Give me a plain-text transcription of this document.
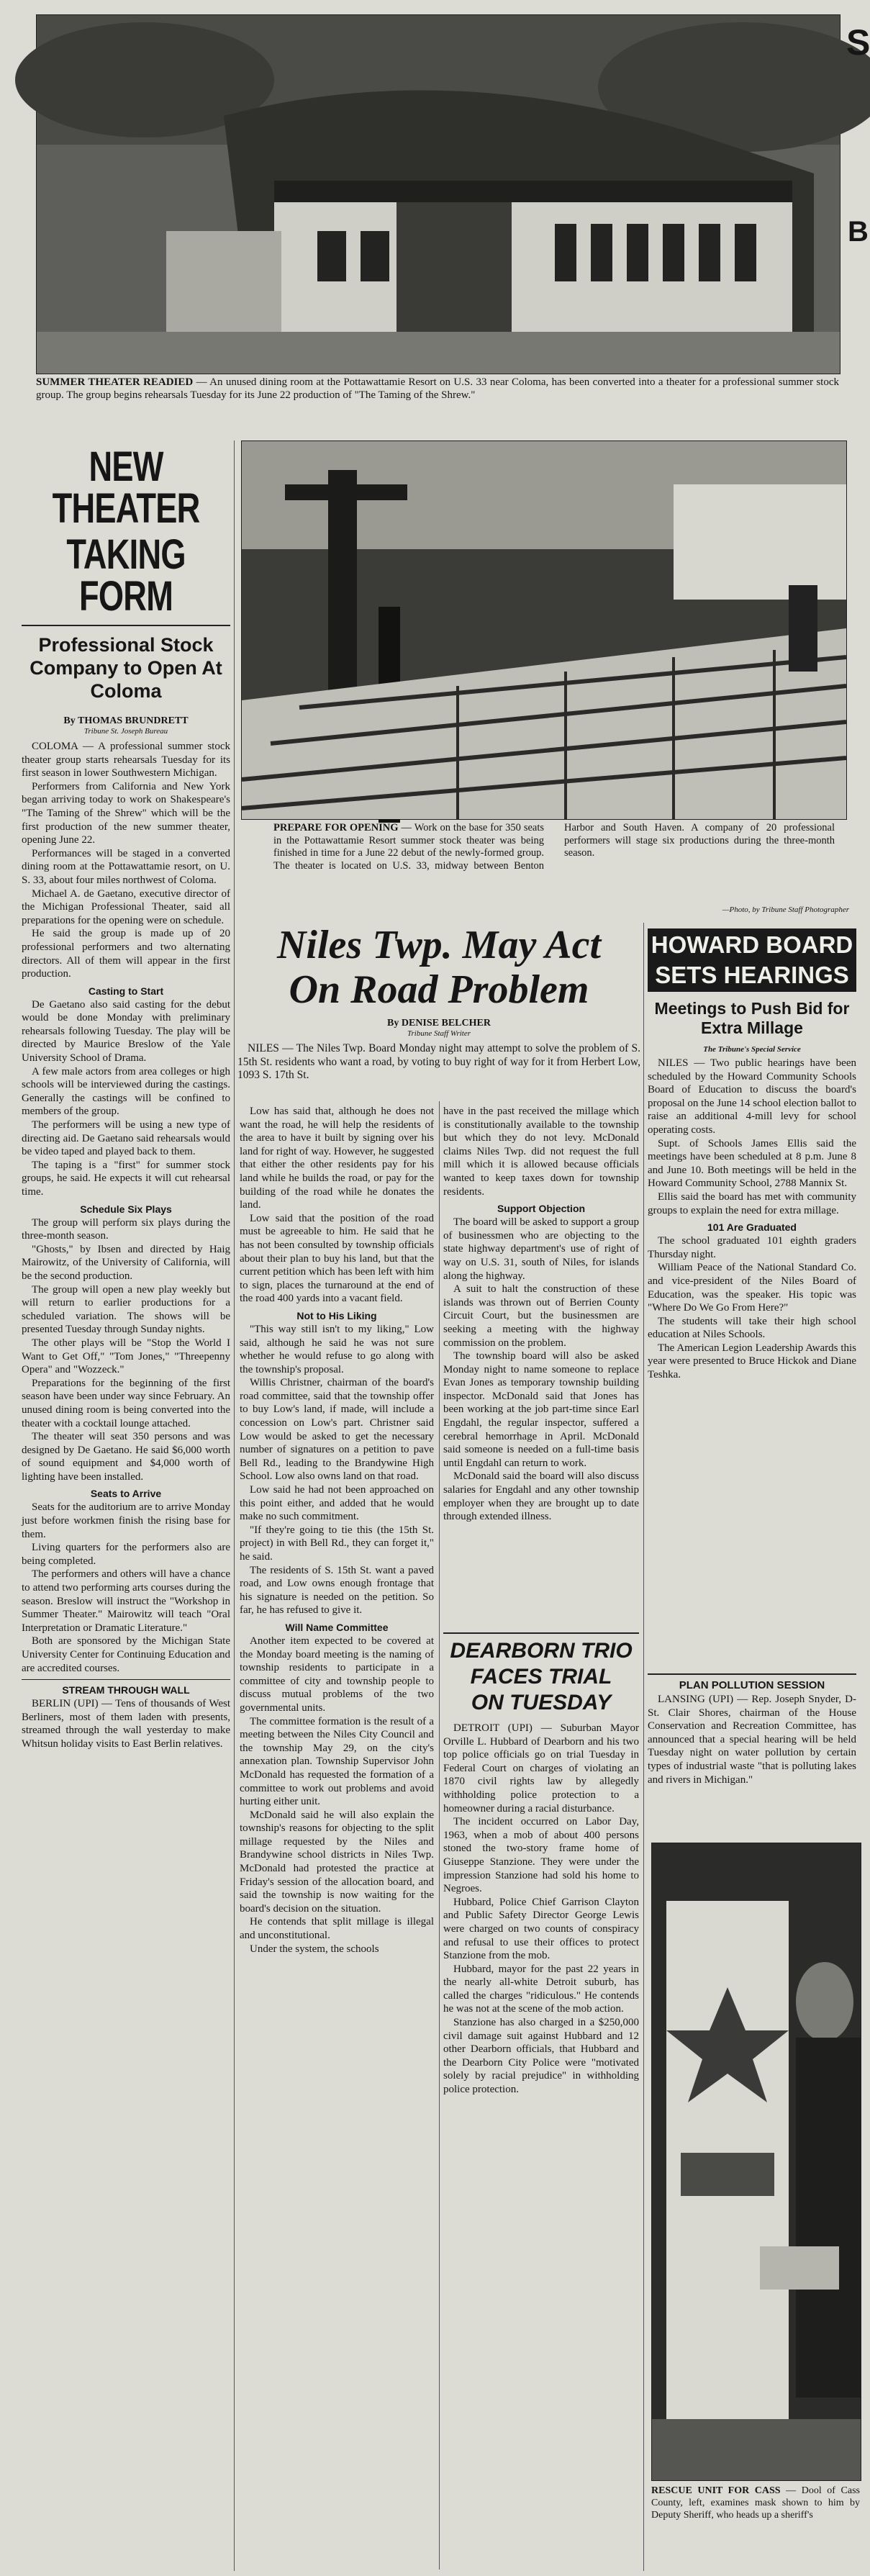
SUMMER THEATER READIED — An unused dining room at the Pottawattamie Resort on U.S. 33 near Coloma, has been converted into a theater for a professional summer stock group. The group begins rehearsals Tuesday for its June 22 production of "The Taming of the Shrew."
S
B
NEW THEATER
TAKING FORM
Professional Stock Company to Open At Coloma
By THOMAS BRUNDRETT
Tribune St. Joseph Bureau

COLOMA — A professional summer stock theater group starts rehearsals Tuesday for its first season in lower Southwestern Michigan.

Performers from California and New York began arriving today to work on Shakespeare's "The Taming of the Shrew" which will be the first production of the new summer theater, opening June 22.

Performances will be staged in a converted dining room at the Pottawattamie resort, on U. S. 33, about four miles northwest of Coloma.

Michael A. de Gaetano, executive director of the Michigan Professional Theater, said all preparations for the opening were on schedule.

He said the group is made up of 20 professional performers and two alternating directors. All of them will appear in the first production.

Casting to Start

De Gaetano also said casting for the debut would be done Monday with preliminary rehearsals following Tuesday. The play will be directed by Maurice Breslow of the Yale University School of Drama.

A few male actors from area colleges or high schools will be interviewed during the castings. Generally the castings will be confined to members of the group.

The performers will be using a new type of directing aid. De Gaetano said rehearsals would be video taped and played back to them.

The taping is a "first" for summer stock groups, he said. He expects it will cut rehearsal time.

Schedule Six Plays

The group will perform six plays during the three-month season.

"Ghosts," by Ibsen and directed by Haig Mairowitz, of the University of California, will be the second production.

The group will open a new play weekly but will return to earlier productions for a scheduled variation. The shows will be presented Tuesday through Sunday nights.

The other plays will be "Stop the World I Want to Get Off," "Tom Jones," "Threepenny Opera" and "Wozzeck."

Preparations for the beginning of the first season have been under way since February. An unused dining room is being converted into the theater with a cocktail lounge attached.

The theater will seat 350 persons and was designed by De Gaetano. He said $6,000 worth of sound equipment and $4,000 worth of lighting have been installed.

Seats to Arrive

Seats for the auditorium are to arrive Monday just before workmen finish the rising base for them.

Living quarters for the performers also are being completed.

The performers and others will have a chance to attend two performing arts courses during the season. Breslow will instruct the "Workshop in Summer Theater." Mairowitz will teach "Oral Interpretation or Dramatic Literature."

Both are sponsored by the Michigan State University Center for Continuing Education and are accredited courses.

STREAM THROUGH WALL

BERLIN (UPI) — Tens of thousands of West Berliners, most of them laden with presents, streamed through the wall yesterday to make Whitsun holiday visits to East Berlin relatives.

PREPARE FOR OPENING — Work on the base for 350 seats in the Pottawattamie Resort summer stock theater was being finished in time for a June 22 debut of the newly-formed group. The theater is located on U.S. 33, midway between Benton Harbor and South Haven. A company of 20 professional performers will stage six productions during the three-month season.
—Photo, by Tribune Staff Photographer
Niles Twp. May Act
On Road Problem
By DENISE BELCHER
Tribune Staff Writer

NILES — The Niles Twp. Board Monday night may attempt to solve the problem of S. 15th St. residents who want a road, by voting to buy right of way for it from Herbert Low, 1093 S. 17th St.

Low has said that, although he does not want the road, he will help the residents of the area to have it built by signing over his land for right of way. However, he suggested that either the other residents pay for his land while he builds the road, or pay for the building of the road while he donates the land.

Low said that the position of the road must be agreeable to him. He said that he has not been consulted by township officials about their plan to buy his land, but that the current petition which has been left with him to sign, places the turnaround at the end of the road 400 yards into a vacant field.

Not to His Liking

"This way still isn't to my liking," Low said, although he said he was not sure whether he would refuse to go along with the township's proposal.

Willis Christner, chairman of the board's road committee, said that the township offer to buy Low's land, if made, will include a concession on Low's part. Christner said Low would be asked to get the necessary number of signatures on a petition to pave Bell Rd., leading to the Brandywine High School. Low also owns land on that road.

Low said he had not been approached on this point either, and added that he would make no such commitment.

"If they're going to tie this (the 15th St. project) in with Bell Rd., they can forget it," he said.

The residents of S. 15th St. want a paved road, and Low owns enough frontage that his signature is needed on the petition. So far, he has refused to give it.

Will Name Committee

Another item expected to be covered at the Monday board meeting is the naming of township residents to participate in a committee of city and township people to discuss mutual problems of the two governmental units.

The committee formation is the result of a meeting between the Niles City Council and the township May 29, on the city's annexation plan. Township Supervisor John McDonald has requested the formation of a committee to work out problems and avoid hurting either unit.

McDonald said he will also explain the township's reasons for objecting to the split millage requested by the Niles and Brandywine school districts in Niles Twp. McDonald had protested the practice at Friday's session of the allocation board, and said the township is now waiting for the board's decision on the situation.

He contends that split millage is illegal and unconstitutional.

Under the system, the schools

have in the past received the millage which is constitutionally available to the township but which they do not levy. McDonald claims Niles Twp. did not request the full mill which it is allowed because officials wanted to keep taxes down for township residents.

Support Objection

The board will be asked to support a group of businessmen who are objecting to the state highway department's use of right of way on U.S. 31, south of Niles, for islands along the highway.

A suit to halt the construction of these islands was thrown out of Berrien County Circuit Court, but the businessmen are seeking a meeting with the highway commission on the problem.

The township board will also be asked Monday night to name someone to replace Evan Jones as temporary township building inspector. McDonald said that Jones has been working at the job part-time since Earl Engdahl, the regular inspector, suffered a cerebral hemorrhage in April. McDonald said someone is needed on a full-time basis until Engdahl can return to work.

McDonald said the board will also discuss salaries for Engdahl and any other township employer when they are brought up to date through extended illness.

DEARBORN TRIO
FACES TRIAL
ON TUESDAY

DETROIT (UPI) — Suburban Mayor Orville L. Hubbard of Dearborn and his two top police officials go on trial Tuesday in Federal Court on charges of violating an 1870 civil rights law by allegedly withholding police protection to a homeowner during a racial disturbance.

The incident occurred on Labor Day, 1963, when a mob of about 400 persons stoned the two-story frame home of Giuseppe Stanzione. They were under the impression Stanzione had sold his home to Negroes.

Hubbard, Police Chief Garrison Clayton and Public Safety Director George Lewis were charged on two counts of conspiracy and refusal to use their offices to protect Stanzione from the mob.

Hubbard, mayor for the past 22 years in the nearly all-white Detroit suburb, has called the charges "ridiculous." He contends he was not at the scene of the mob action.

Stanzione has also charged in a $250,000 civil damage suit against Hubbard and 12 other Dearborn officials, that Hubbard and the Dearborn City Police were "motivated solely by racial prejudice" in withholding police protection.

HOWARD BOARD
SETS HEARINGS
Meetings to Push Bid for Extra Millage
The Tribune's Special Service

NILES — Two public hearings have been scheduled by the Howard Community Schools Board of Education to discuss the board's proposal on the June 14 school election ballot to raise an additional 4-mill levy for school operating costs.

Supt. of Schools James Ellis said the meetings have been scheduled at 8 p.m. June 8 and June 10. Both meetings will be held in the Howard Community School, 2788 Mannix St.

Ellis said the board has met with community groups to explain the need for extra millage.

101 Are Graduated

The school graduated 101 eighth graders Thursday night.

William Peace of the National Standard Co. and vice-president of the Niles Board of Education, was the speaker. His topic was "Where Do We Go From Here?"

The students will take their high school education at Niles Schools.

The American Legion Leadership Awards this year were presented to Bruce Hickok and Diane Teshka.

PLAN POLLUTION SESSION

LANSING (UPI) — Rep. Joseph Snyder, D-St. Clair Shores, chairman of the House Conservation and Recreation Committee, has announced that a special hearing will be held Tuesday night on water pollution by certain types of industrial waste "that is polluting lakes and rivers in Michigan."

RESCUE UNIT FOR CASS — Dool of Cass County, left, examines mask shown to him by Deputy Sheriff, who heads up a sheriff's
